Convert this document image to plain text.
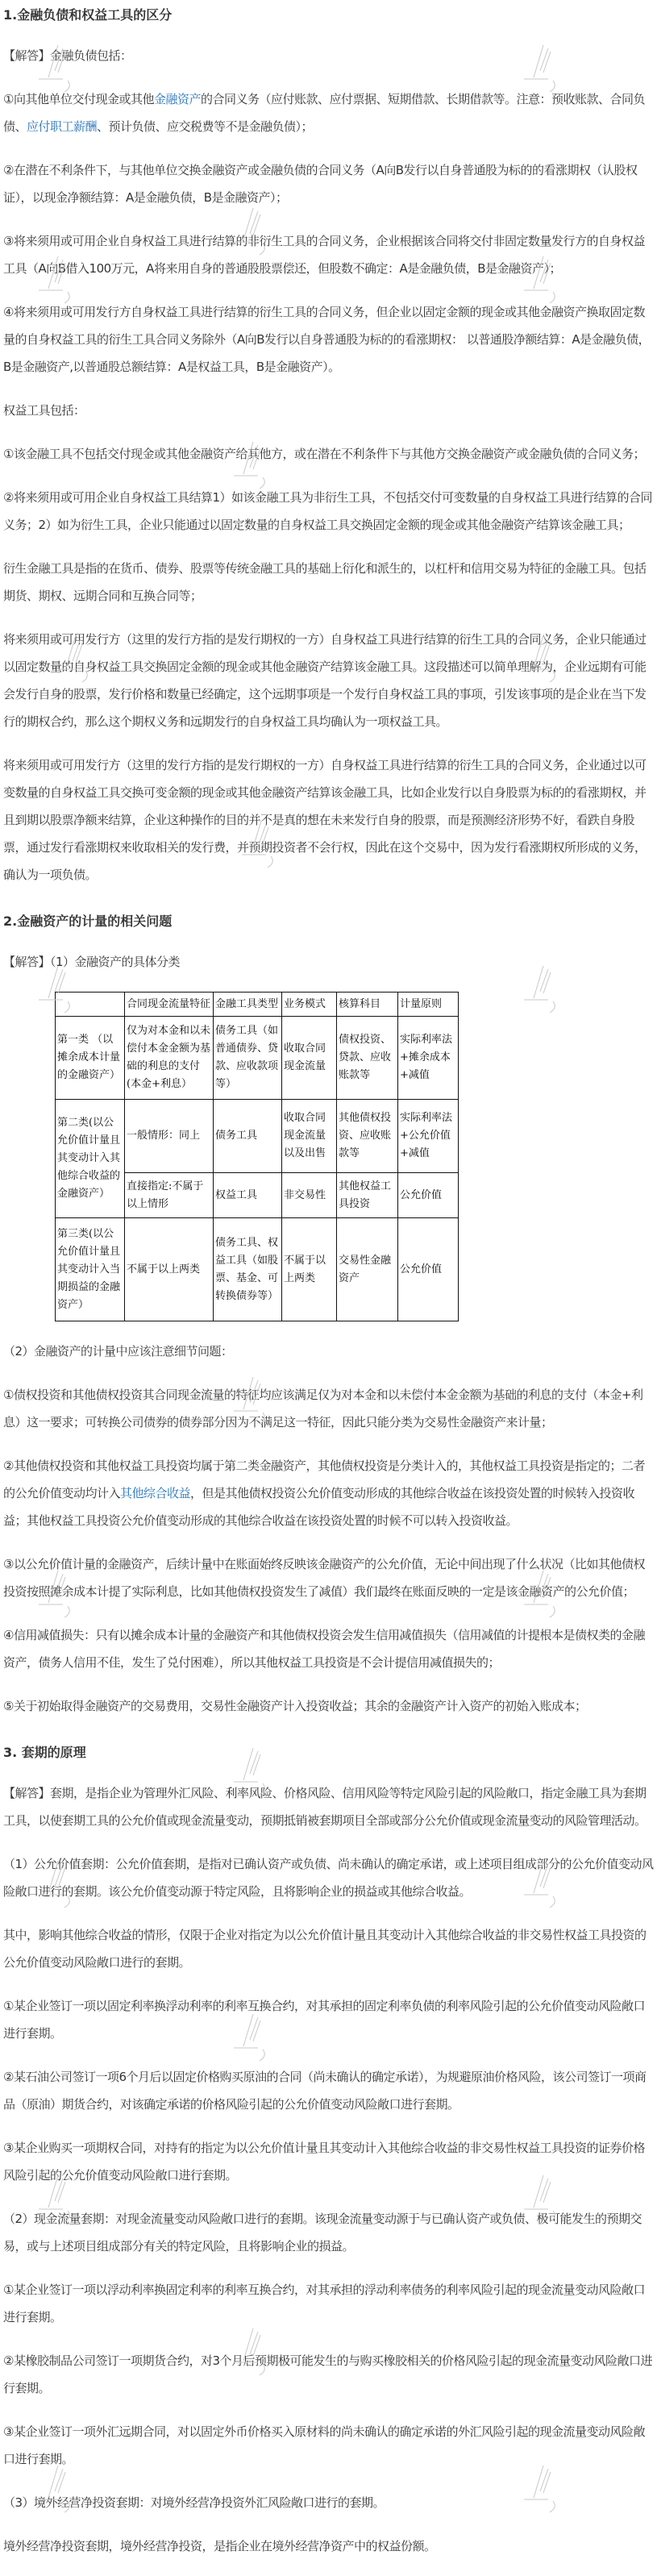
1.金融负债和权益工具的区分

【解答】金融负债包括：

①向其他单位交付现金或其他金融资产的合同义务（应付账款、应付票据、短期借款、长期借款等。注意：预收账款、合同负债、应付职工薪酬、预计负债、应交税费等不是金融负债）；

②在潜在不利条件下，与其他单位交换金融资产或金融负债的合同义务（A向B发行以自身普通股为标的的看涨期权（认股权证），以现金净额结算：A是金融负债，B是金融资产）；

③将来须用或可用企业自身权益工具进行结算的非衍生工具的合同义务，企业根据该合同将交付非固定数量发行方的自身权益工具（A向B借入100万元，A将来用自身的普通股股票偿还，但股数不确定：A是金融负债，B是金融资产）；

④将来须用或可用发行方自身权益工具进行结算的衍生工具的合同义务，但企业以固定金额的现金或其他金融资产换取固定数量的自身权益工具的衍生工具合同义务除外（A向B发行以自身普通股为标的的看涨期权： 以普通股净额结算：A是金融负债，B是金融资产,以普通股总额结算：A是权益工具，B是金融资产）。

权益工具包括：

①该金融工具不包括交付现金或其他金融资产给其他方，或在潜在不利条件下与其他方交换金融资产或金融负债的合同义务；

②将来须用或可用企业自身权益工具结算1）如该金融工具为非衍生工具，不包括交付可变数量的自身权益工具进行结算的合同义务；2）如为衍生工具，企业只能通过以固定数量的自身权益工具交换固定金额的现金或其他金融资产结算该金融工具；

衍生金融工具是指的在货币、债券、股票等传统金融工具的基础上衍化和派生的，以杠杆和信用交易为特征的金融工具。包括期货、期权、远期合同和互换合同等；

将来须用或可用发行方（这里的发行方指的是发行期权的一方）自身权益工具进行结算的衍生工具的合同义务，企业只能通过以固定数量的自身权益工具交换固定金额的现金或其他金融资产结算该金融工具。这段描述可以简单理解为，企业远期有可能会发行自身的股票，发行价格和数量已经确定，这个远期事项是一个发行自身权益工具的事项，引发该事项的是企业在当下发行的期权合约，那么这个期权义务和远期发行的自身权益工具均确认为一项权益工具。

将来须用或可用发行方（这里的发行方指的是发行期权的一方）自身权益工具进行结算的衍生工具的合同义务，企业通过以可变数量的自身权益工具交换可变金额的现金或其他金融资产结算该金融工具，比如企业发行以自身股票为标的的看涨期权，并且到期以股票净额来结算，企业这种操作的目的并不是真的想在未来发行自身的股票，而是预测经济形势不好，看跌自身股票，通过发行看涨期权来收取相关的发行费，并预期投资者不会行权，因此在这个交易中，因为发行看涨期权所形成的义务，确认为一项负债。

2.金融资产的计量的相关问题

【解答】（1）金融资产的具体分类

	合同现金流量特征	金融工具类型	业务模式	核算科目	计量原则
第一类 （以摊余成本计量的金融资产）	仅为对本金和以未偿付本金金额为基础的利息的支付(本金+利息）	债务工具（如普通债券、贷款、应收款项等）	收取合同现金流量	债权投资、贷款、应收账款等	实际利率法+摊余成本+减值
第二类(以公允价值计量且其变动计入其他综合收益的金融资产）	一般情形：同上	债务工具	收取合同现金流量以及出售	其他债权投资、应收账款等	实际利率法+公允价值+减值
	直接指定:不属于以上情形	权益工具	非交易性	其他权益工具投资	公允价值
第三类(以公允价值计量且其变动计入当期损益的金融资产）	不属于以上两类	债务工具、权益工具（如股票、基金、可转换债券等）	不属于以上两类	交易性金融资产	公允价值

（2）金融资产的计量中应该注意细节问题：

①债权投资和其他债权投资其合同现金流量的特征均应该满足仅为对本金和以未偿付本金金额为基础的利息的支付（本金+利息）这一要求；可转换公司债券的债券部分因为不满足这一特征，因此只能分类为交易性金融资产来计量；

②其他债权投资和其他权益工具投资均属于第二类金融资产，其他债权投资是分类计入的，其他权益工具投资是指定的；二者的公允价值变动均计入其他综合收益，但是其他债权投资公允价值变动形成的其他综合收益在该投资处置的时候转入投资收益；其他权益工具投资公允价值变动形成的其他综合收益在该投资处置的时候不可以转入投资收益。

③以公允价值计量的金融资产，后续计量中在账面始终反映该金融资产的公允价值，无论中间出现了什么状况（比如其他债权投资按照摊余成本计提了实际利息，比如其他债权投资发生了减值）我们最终在账面反映的一定是该金融资产的公允价值；

④信用减值损失：只有以摊余成本计量的金融资产和其他债权投资会发生信用减值损失（信用减值的计提根本是债权类的金融资产，债务人信用不佳，发生了兑付困难），所以其他权益工具投资是不会计提信用减值损失的；

⑤关于初始取得金融资产的交易费用，交易性金融资产计入投资收益；其余的金融资产计入资产的初始入账成本；

3. 套期的原理

【解答】套期，是指企业为管理外汇风险、利率风险、价格风险、信用风险等特定风险引起的风险敞口，指定金融工具为套期工具，以使套期工具的公允价值或现金流量变动，预期抵销被套期项目全部或部分公允价值或现金流量变动的风险管理活动。

（1）公允价值套期：公允价值套期，是指对已确认资产或负债、尚未确认的确定承诺，或上述项目组成部分的公允价值变动风险敞口进行的套期。该公允价值变动源于特定风险，且将影响企业的损益或其他综合收益。

其中，影响其他综合收益的情形，仅限于企业对指定为以公允价值计量且其变动计入其他综合收益的非交易性权益工具投资的公允价值变动风险敞口进行的套期。

①某企业签订一项以固定利率换浮动利率的利率互换合约，对其承担的固定利率负债的利率风险引起的公允价值变动风险敞口进行套期。

②某石油公司签订一项6个月后以固定价格购买原油的合同（尚未确认的确定承诺），为规避原油价格风险，该公司签订一项商品（原油）期货合约，对该确定承诺的价格风险引起的公允价值变动风险敞口进行套期。

③某企业购买一项期权合同，对持有的指定为以公允价值计量且其变动计入其他综合收益的非交易性权益工具投资的证券价格风险引起的公允价值变动风险敞口进行套期。

（2）现金流量套期：对现金流量变动风险敞口进行的套期。该现金流量变动源于与已确认资产或负债、极可能发生的预期交易，或与上述项目组成部分有关的特定风险，且将影响企业的损益。

①某企业签订一项以浮动利率换固定利率的利率互换合约，对其承担的浮动利率债务的利率风险引起的现金流量变动风险敞口进行套期。

②某橡胶制品公司签订一项期货合约，对3个月后预期极可能发生的与购买橡胶相关的价格风险引起的现金流量变动风险敞口进行套期。

③某企业签订一项外汇远期合同，对以固定外币价格买入原材料的尚未确认的确定承诺的外汇风险引起的现金流量变动风险敞口进行套期。

（3）境外经营净投资套期：对境外经营净投资外汇风险敞口进行的套期。

境外经营净投资套期，境外经营净投资，是指企业在境外经营净资产中的权益份额。
